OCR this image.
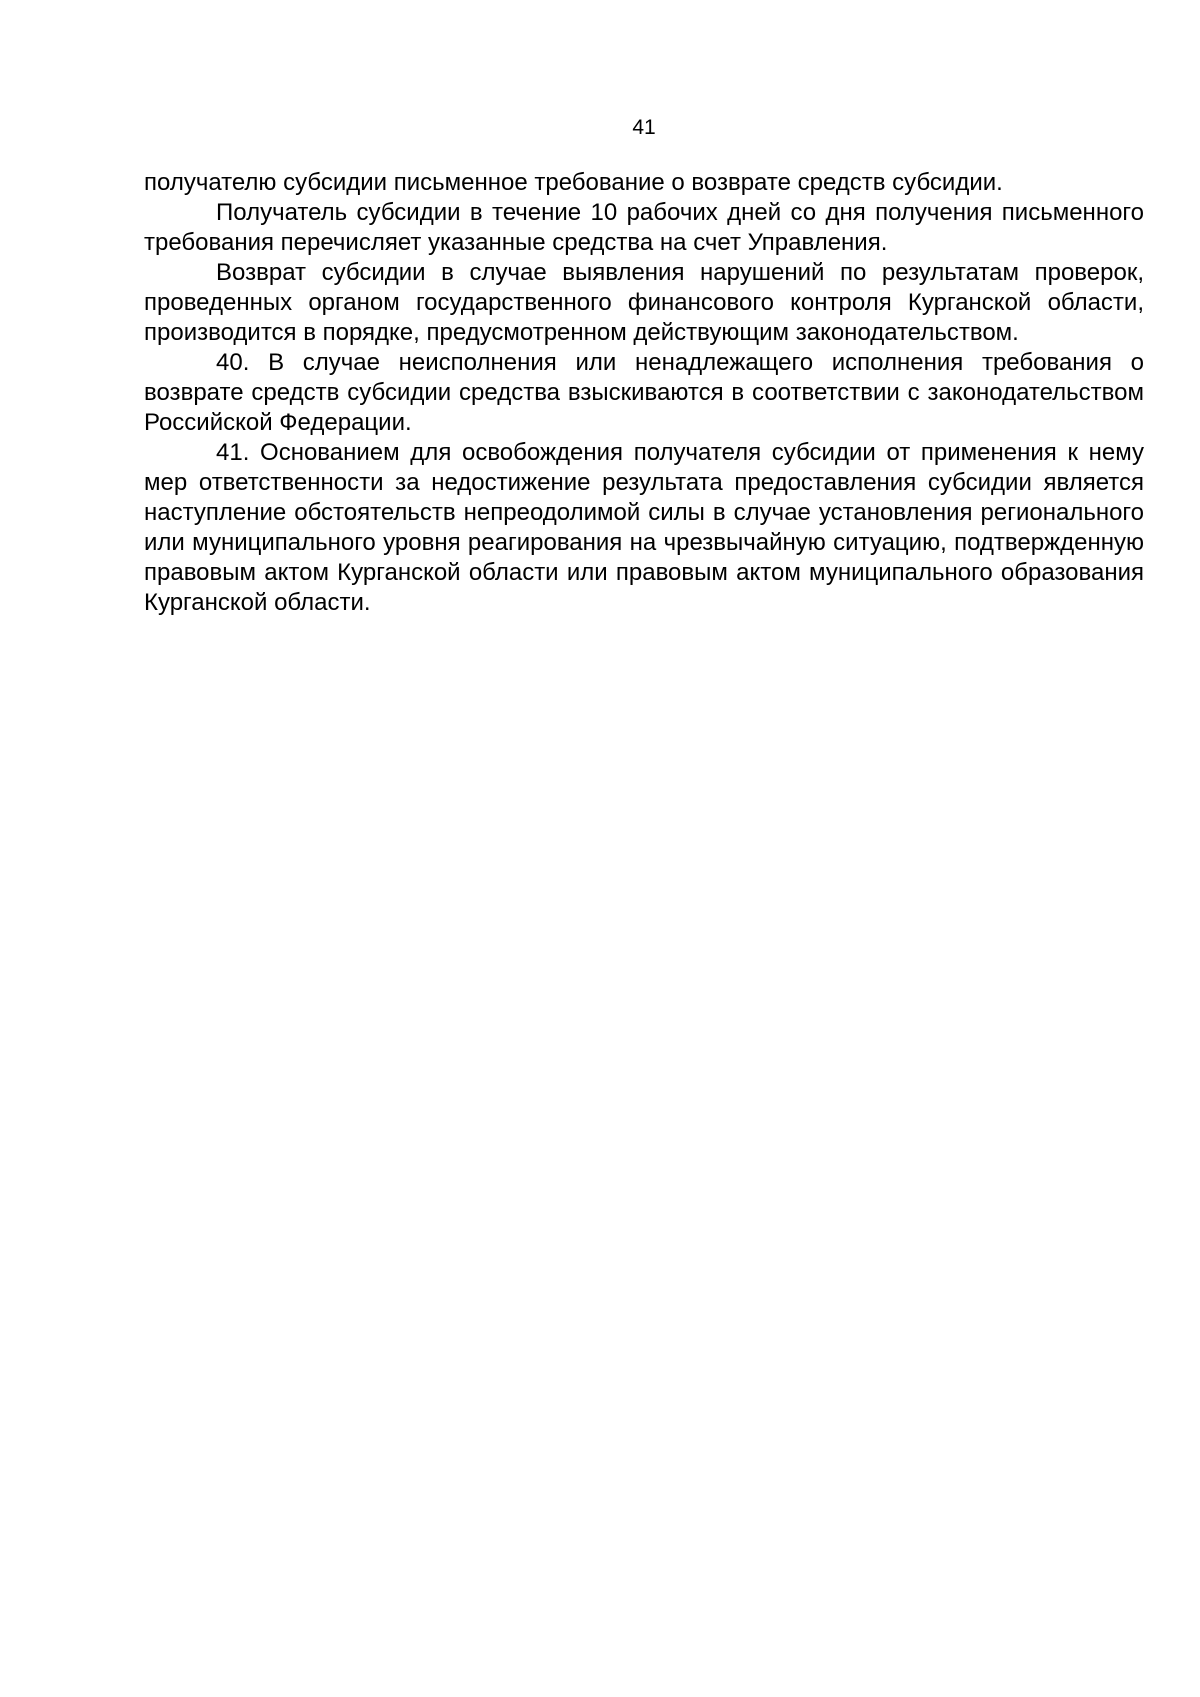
41

получателю субсидии письменное требование о возврате средств субсидии.

Получатель субсидии в течение 10 рабочих дней со дня получения письменного требования перечисляет указанные средства на счет Управления.

Возврат субсидии в случае выявления нарушений по результатам проверок, проведенных органом государственного финансового контроля Курганской области, производится в порядке, предусмотренном действующим законодательством.

40. В случае неисполнения или ненадлежащего исполнения требования о возврате средств субсидии средства взыскиваются в соответствии с законодательством Российской Федерации.

41. Основанием для освобождения получателя субсидии от применения к нему мер ответственности за недостижение результата предоставления субсидии является наступление обстоятельств непреодолимой силы в случае установления регионального или муниципального уровня реагирования на чрезвычайную ситуацию, подтвержденную правовым актом Курганской области или правовым актом муниципального образования Курганской области.
